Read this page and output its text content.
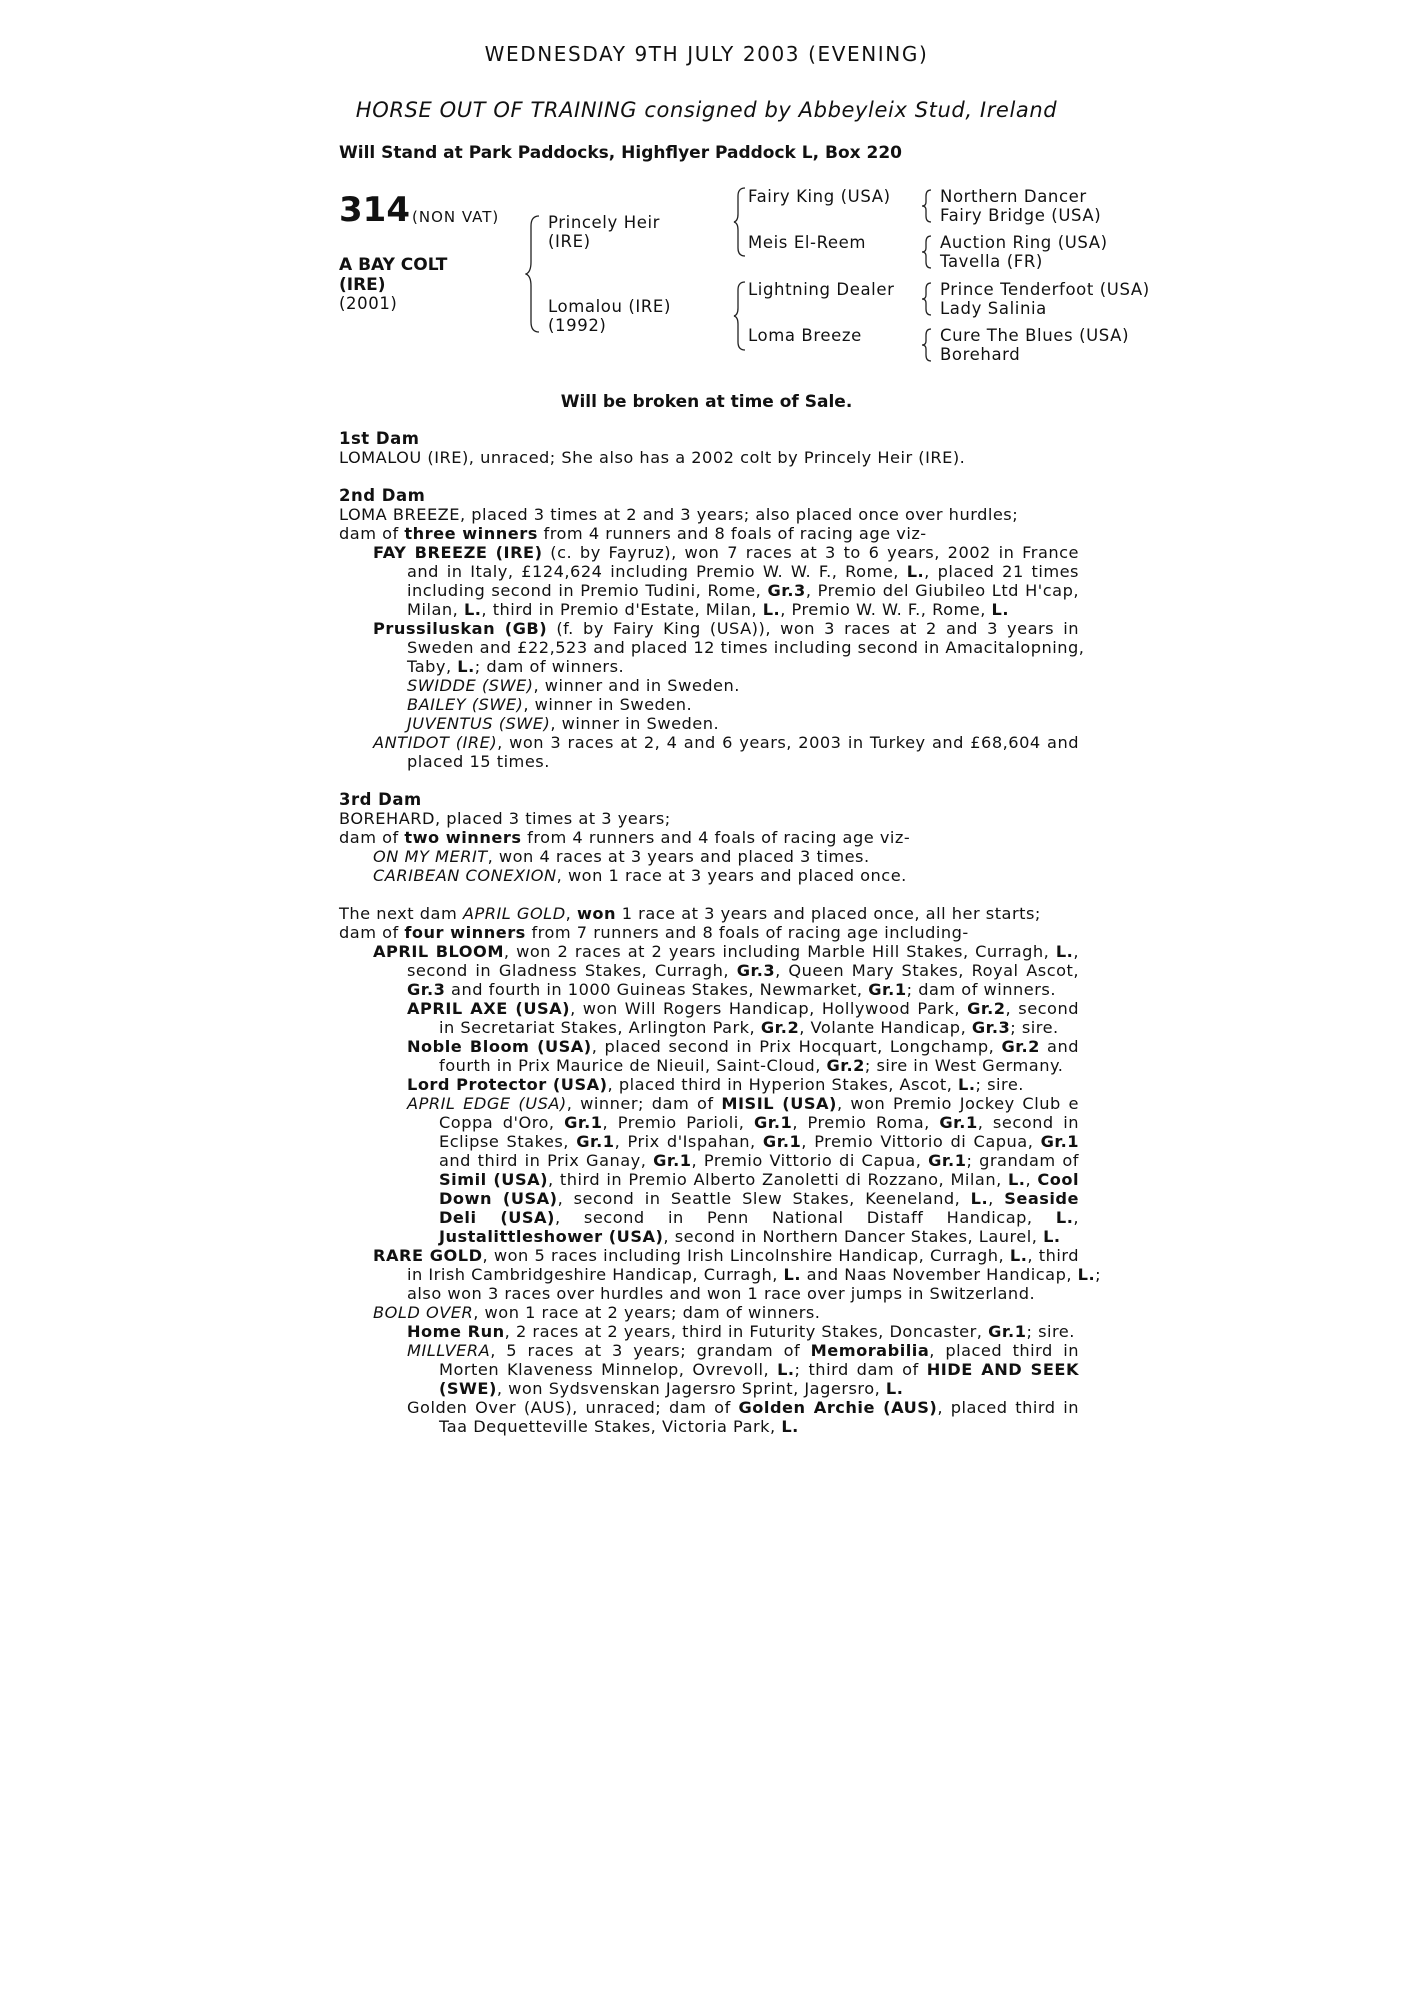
WEDNESDAY 9TH JULY 2003 (EVENING)
HORSE OUT OF TRAINING consigned by Abbeyleix Stud, Ireland
Will Stand at Park Paddocks, Highflyer Paddock L, Box 220
314 (NON VAT)
A BAY COLT
(IRE)
(2001)
Princely Heir
(IRE)
Lomalou (IRE)
(1992)
Fairy King (USA)
Meis El-Reem
Lightning Dealer
Loma Breeze
Northern Dancer
Fairy Bridge (USA)
Auction Ring (USA)
Tavella (FR)
Prince Tenderfoot (USA)
Lady Salinia
Cure The Blues (USA)
Borehard
Will be broken at time of Sale.
1st Dam
LOMALOU (IRE), unraced; She also has a 2002 colt by Princely Heir (IRE).
2nd Dam
LOMA BREEZE, placed 3 times at 2 and 3 years; also placed once over hurdles;
dam of three winners from 4 runners and 8 foals of racing age viz-
FAY BREEZE (IRE) (c. by Fayruz), won 7 races at 3 to 6 years, 2002 in France
and in Italy, £124,624 including Premio W. W. F., Rome, L., placed 21 times
including second in Premio Tudini, Rome, Gr.3, Premio del Giubileo Ltd H'cap,
Milan, L., third in Premio d'Estate, Milan, L., Premio W. W. F., Rome, L.
Prussiluskan (GB) (f. by Fairy King (USA)), won 3 races at 2 and 3 years in
Sweden and £22,523 and placed 12 times including second in Amacitalopning,
Taby, L.; dam of winners.
SWIDDE (SWE), winner and in Sweden.
BAILEY (SWE), winner in Sweden.
JUVENTUS (SWE), winner in Sweden.
ANTIDOT (IRE), won 3 races at 2, 4 and 6 years, 2003 in Turkey and £68,604 and
placed 15 times.
3rd Dam
BOREHARD, placed 3 times at 3 years;
dam of two winners from 4 runners and 4 foals of racing age viz-
ON MY MERIT, won 4 races at 3 years and placed 3 times.
CARIBEAN CONEXION, won 1 race at 3 years and placed once.
The next dam APRIL GOLD, won 1 race at 3 years and placed once, all her starts;
dam of four winners from 7 runners and 8 foals of racing age including-
APRIL BLOOM, won 2 races at 2 years including Marble Hill Stakes, Curragh, L.,
second in Gladness Stakes, Curragh, Gr.3, Queen Mary Stakes, Royal Ascot,
Gr.3 and fourth in 1000 Guineas Stakes, Newmarket, Gr.1; dam of winners.
APRIL AXE (USA), won Will Rogers Handicap, Hollywood Park, Gr.2, second
in Secretariat Stakes, Arlington Park, Gr.2, Volante Handicap, Gr.3; sire.
Noble Bloom (USA), placed second in Prix Hocquart, Longchamp, Gr.2 and
fourth in Prix Maurice de Nieuil, Saint-Cloud, Gr.2; sire in West Germany.
Lord Protector (USA), placed third in Hyperion Stakes, Ascot, L.; sire.
APRIL EDGE (USA), winner; dam of MISIL (USA), won Premio Jockey Club e
Coppa d'Oro, Gr.1, Premio Parioli, Gr.1, Premio Roma, Gr.1, second in
Eclipse Stakes, Gr.1, Prix d'Ispahan, Gr.1, Premio Vittorio di Capua, Gr.1
and third in Prix Ganay, Gr.1, Premio Vittorio di Capua, Gr.1; grandam of
Simil (USA), third in Premio Alberto Zanoletti di Rozzano, Milan, L., Cool
Down (USA), second in Seattle Slew Stakes, Keeneland, L., Seaside
Deli (USA), second in Penn National Distaff Handicap, L.,
Justalittleshower (USA), second in Northern Dancer Stakes, Laurel, L.
RARE GOLD, won 5 races including Irish Lincolnshire Handicap, Curragh, L., third
in Irish Cambridgeshire Handicap, Curragh, L. and Naas November Handicap, L.;
also won 3 races over hurdles and won 1 race over jumps in Switzerland.
BOLD OVER, won 1 race at 2 years; dam of winners.
Home Run, 2 races at 2 years, third in Futurity Stakes, Doncaster, Gr.1; sire.
MILLVERA, 5 races at 3 years; grandam of Memorabilia, placed third in
Morten Klaveness Minnelop, Ovrevoll, L.; third dam of HIDE AND SEEK
(SWE), won Sydsvenskan Jagersro Sprint, Jagersro, L.
Golden Over (AUS), unraced; dam of Golden Archie (AUS), placed third in
Taa Dequetteville Stakes, Victoria Park, L.
